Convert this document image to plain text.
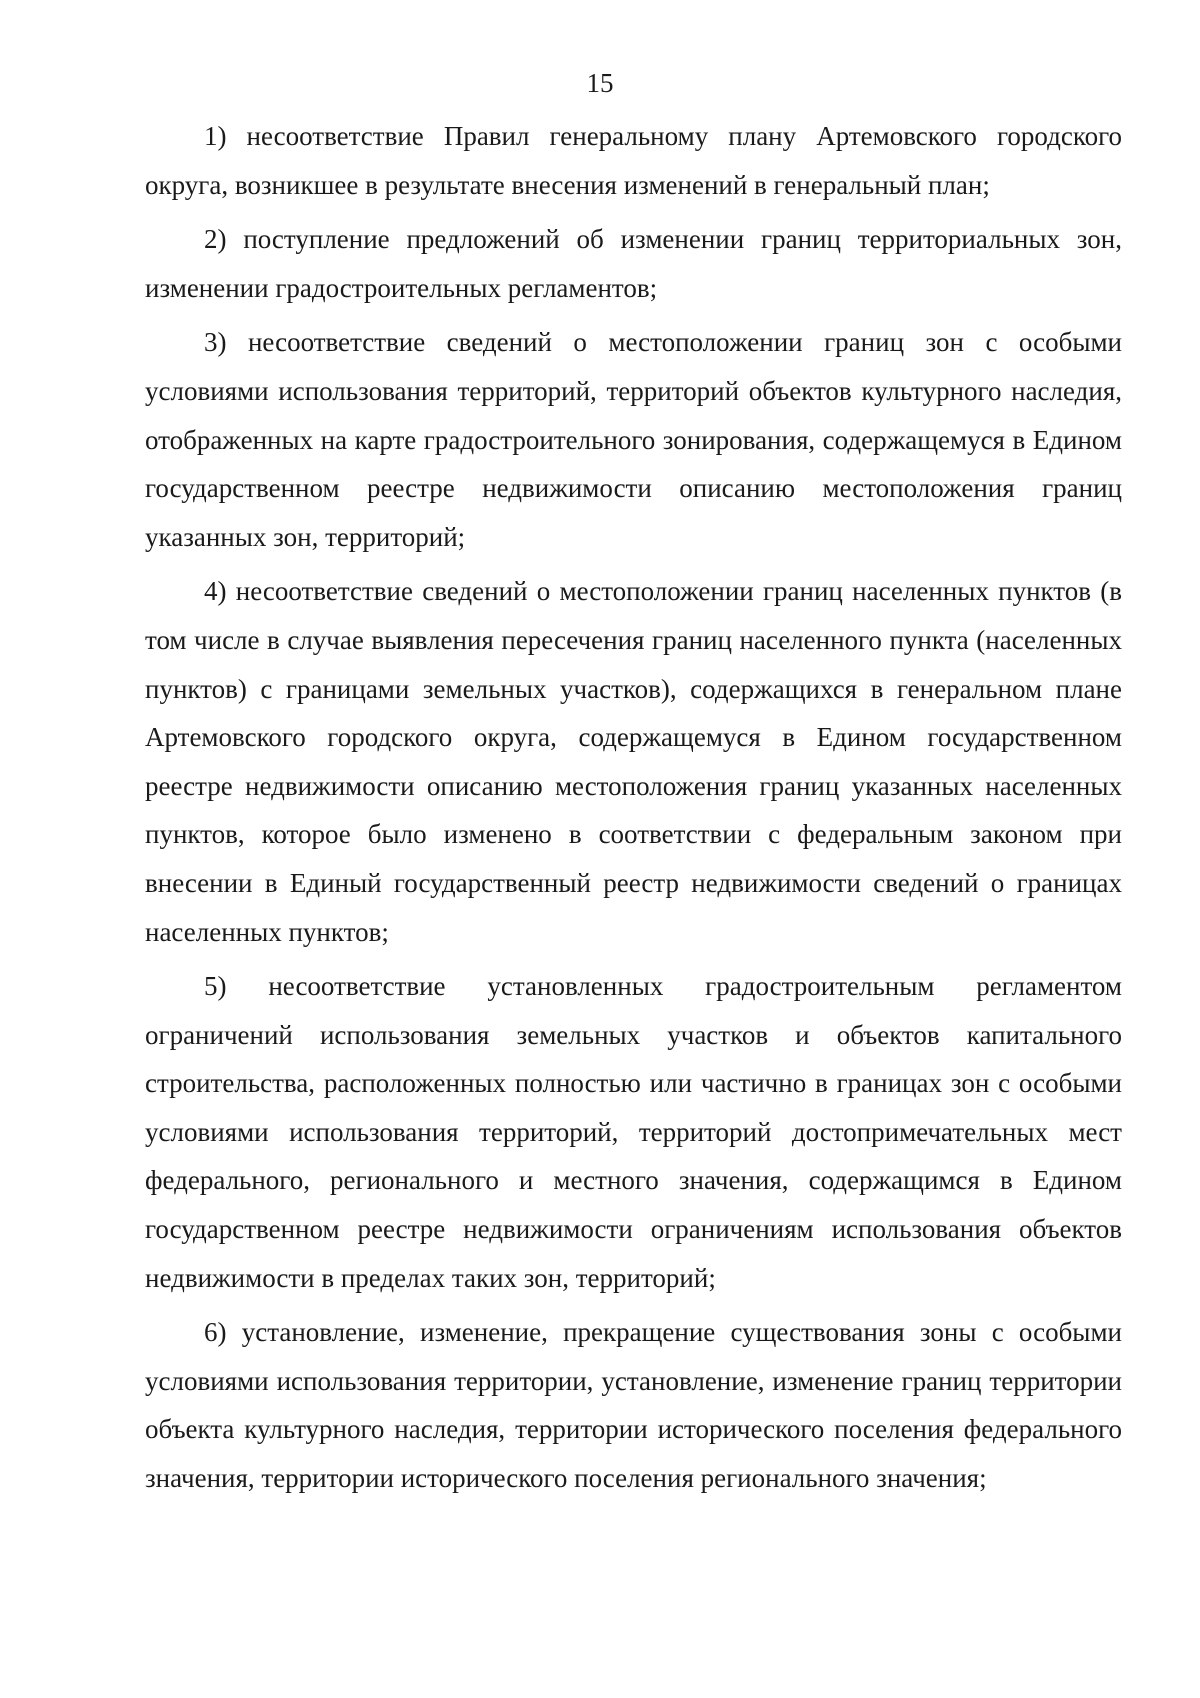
15

1) несоответствие Правил генеральному плану Артемовского городского округа, возникшее в результате внесения изменений в генеральный план;

2) поступление предложений об изменении границ территориальных зон, изменении градостроительных регламентов;

3) несоответствие сведений о местоположении границ зон с особыми условиями использования территорий, территорий объектов культурного наследия, отображенных на карте градостроительного зонирования, содержащемуся в Едином государственном реестре недвижимости описанию местоположения границ указанных зон, территорий;

4) несоответствие сведений о местоположении границ населенных пунктов (в том числе в случае выявления пересечения границ населенного пункта (населенных пунктов) с границами земельных участков), содержащихся в генеральном плане Артемовского городского округа, содержащемуся в Едином государственном реестре недвижимости описанию местоположения границ указанных населенных пунктов, которое было изменено в соответствии с федеральным законом при внесении в Единый государственный реестр недвижимости сведений о границах населенных пунктов;

5) несоответствие установленных градостроительным регламентом ограничений использования земельных участков и объектов капитального строительства, расположенных полностью или частично в границах зон с особыми условиями использования территорий, территорий достопримечательных мест федерального, регионального и местного значения, содержащимся в Едином государственном реестре недвижимости ограничениям использования объектов недвижимости в пределах таких зон, территорий;

6) установление, изменение, прекращение существования зоны с особыми условиями использования территории, установление, изменение границ территории объекта культурного наследия, территории исторического поселения федерального значения, территории исторического поселения регионального значения;
